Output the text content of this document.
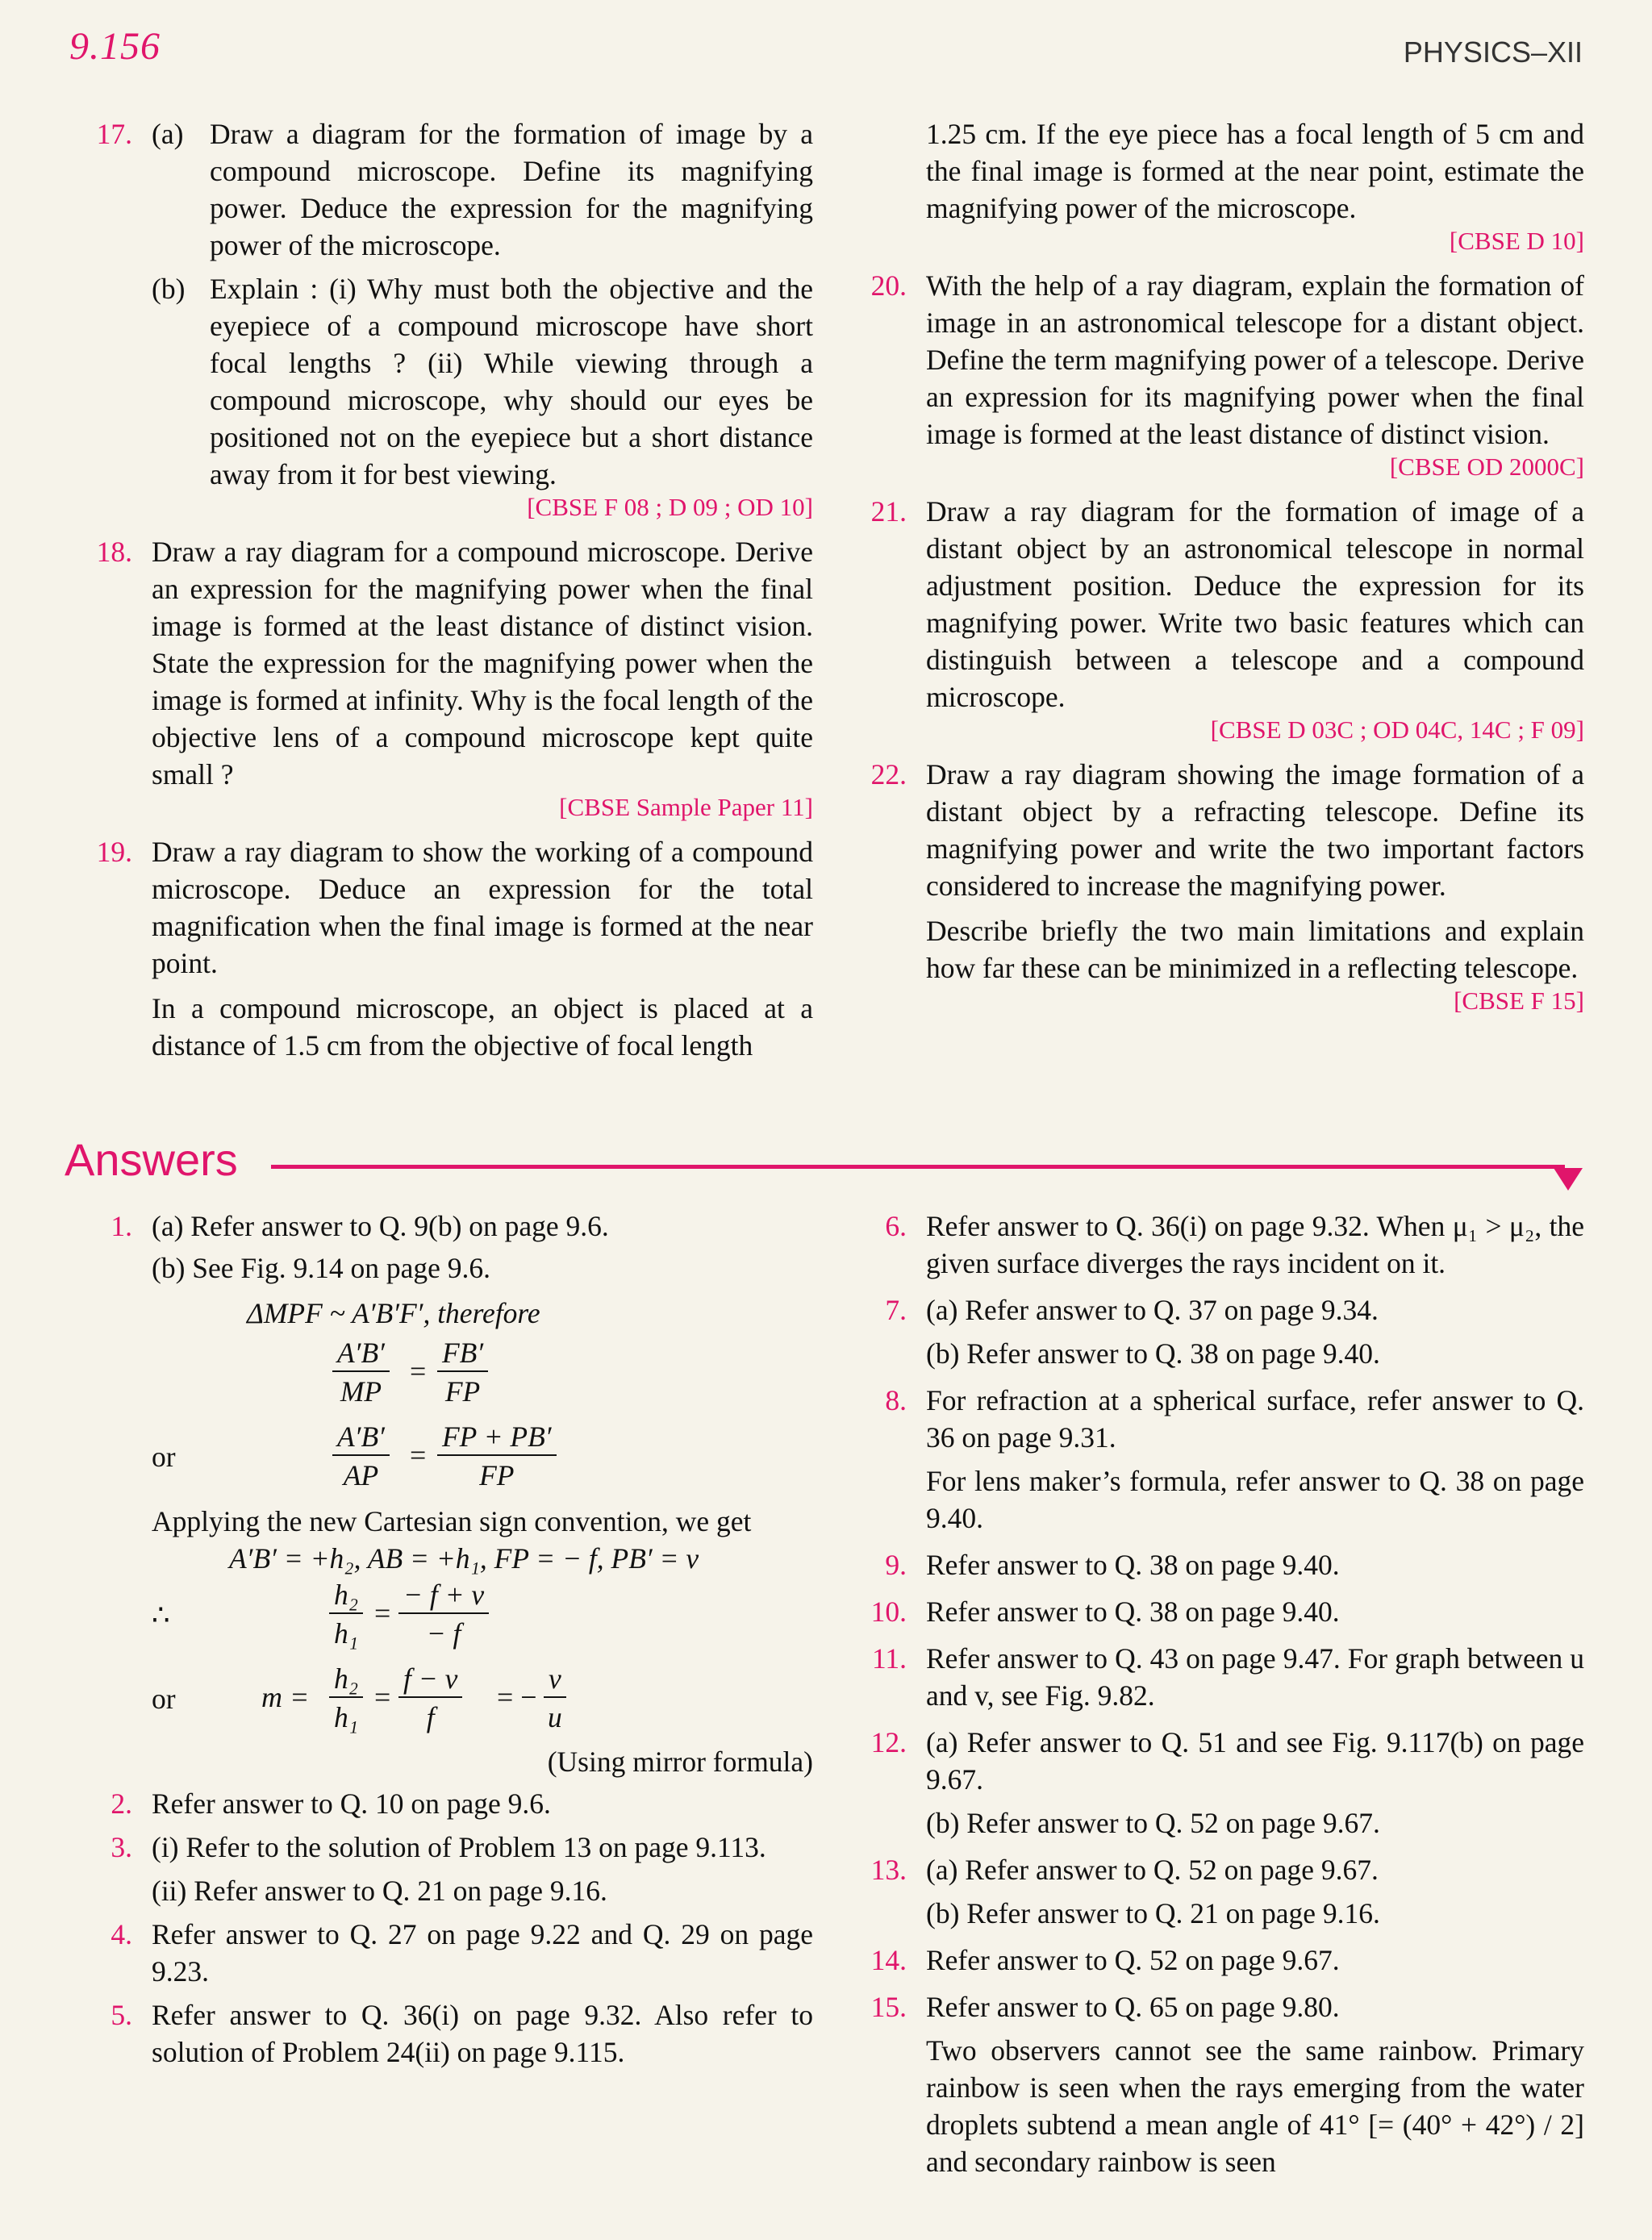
9.156	PHYSICS–XII
17. (a) Draw a diagram for the formation of image by a compound microscope. Define its magnifying power. Deduce the expression for the magnifying power of the microscope.
(b) Explain : (i) Why must both the objective and the eyepiece of a compound microscope have short focal lengths ? (ii) While viewing through a compound microscope, why should our eyes be positioned not on the eyepiece but a short distance away from it for best viewing.
[CBSE F 08 ; D 09 ; OD 10]
18. Draw a ray diagram for a compound microscope. Derive an expression for the magnifying power when the final image is formed at the least distance of distinct vision. State the expression for the magnifying power when the image is formed at infinity. Why is the focal length of the objective lens of a compound microscope kept quite small ?
[CBSE Sample Paper 11]
19. Draw a ray diagram to show the working of a compound microscope. Deduce an expression for the total magnification when the final image is formed at the near point.
In a compound microscope, an object is placed at a distance of 1.5 cm from the objective of focal length
1.25 cm. If the eye piece has a focal length of 5 cm and the final image is formed at the near point, estimate the magnifying power of the microscope.
[CBSE D 10]
20. With the help of a ray diagram, explain the formation of image in an astronomical telescope for a distant object. Define the term magnifying power of a telescope. Derive an expression for its magnifying power when the final image is formed at the least distance of distinct vision.
[CBSE OD 2000C]
21. Draw a ray diagram for the formation of image of a distant object by an astronomical telescope in normal adjustment position. Deduce the expression for its magnifying power. Write two basic features which can distinguish between a telescope and a compound microscope.
[CBSE D 03C ; OD 04C, 14C ; F 09]
22. Draw a ray diagram showing the image formation of a distant object by a refracting telescope. Define its magnifying power and write the two important factors considered to increase the magnifying power.
Describe briefly the two main limitations and explain how far these can be minimized in a reflecting telescope.
[CBSE F 15]
Answers
1. (a) Refer answer to Q. 9(b) on page 9.6.
(b) See Fig. 9.14 on page 9.6.
ΔMPF ~ A′B′F′, therefore
$\frac{A'B'}{MP} = \frac{FB'}{FP}$
or	$\frac{A'B'}{AP} = \frac{FP + PB'}{FP}$
Applying the new Cartesian sign convention, we get
A′B′ = +h₂, AB = +h₁, FP = − f, PB′ = v
∴	$\frac{\text{h₂}}{\text{h₁}} = \frac{- f + v}{- f}$
or	$m = \frac{\text{h₂}}{\text{h₁}} = \frac{f - v}{f}$ = − $\frac{v}{u}$
(Using mirror formula)
2. Refer answer to Q. 10 on page 9.6.
3. (i) Refer to the solution of Problem 13 on page 9.113.
(ii) Refer answer to Q. 21 on page 9.16.
4. Refer answer to Q. 27 on page 9.22 and Q. 29 on page 9.23.
5. Refer answer to Q. 36(i) on page 9.32. Also refer to solution of Problem 24(ii) on page 9.115.
6. Refer answer to Q. 36(i) on page 9.32. When μ₁ > μ₂, the given surface diverges the rays incident on it.
7. (a) Refer answer to Q. 37 on page 9.34.
(b) Refer answer to Q. 38 on page 9.40.
8. For refraction at a spherical surface, refer answer to Q. 36 on page 9.31.
For lens maker’s formula, refer answer to Q. 38 on page 9.40.
9. Refer answer to Q. 38 on page 9.40.
10. Refer answer to Q. 38 on page 9.40.
11. Refer answer to Q. 43 on page 9.47. For graph between u and v, see Fig. 9.82.
12. (a) Refer answer to Q. 51 and see Fig. 9.117(b) on page 9.67.
(b) Refer answer to Q. 52 on page 9.67.
13. (a) Refer answer to Q. 52 on page 9.67.
(b) Refer answer to Q. 21 on page 9.16.
14. Refer answer to Q. 52 on page 9.67.
15. Refer answer to Q. 65 on page 9.80.
Two observers cannot see the same rainbow. Primary rainbow is seen when the rays emerging from the water droplets subtend a mean angle of 41° [= (40° + 42°) / 2] and secondary rainbow is seen
